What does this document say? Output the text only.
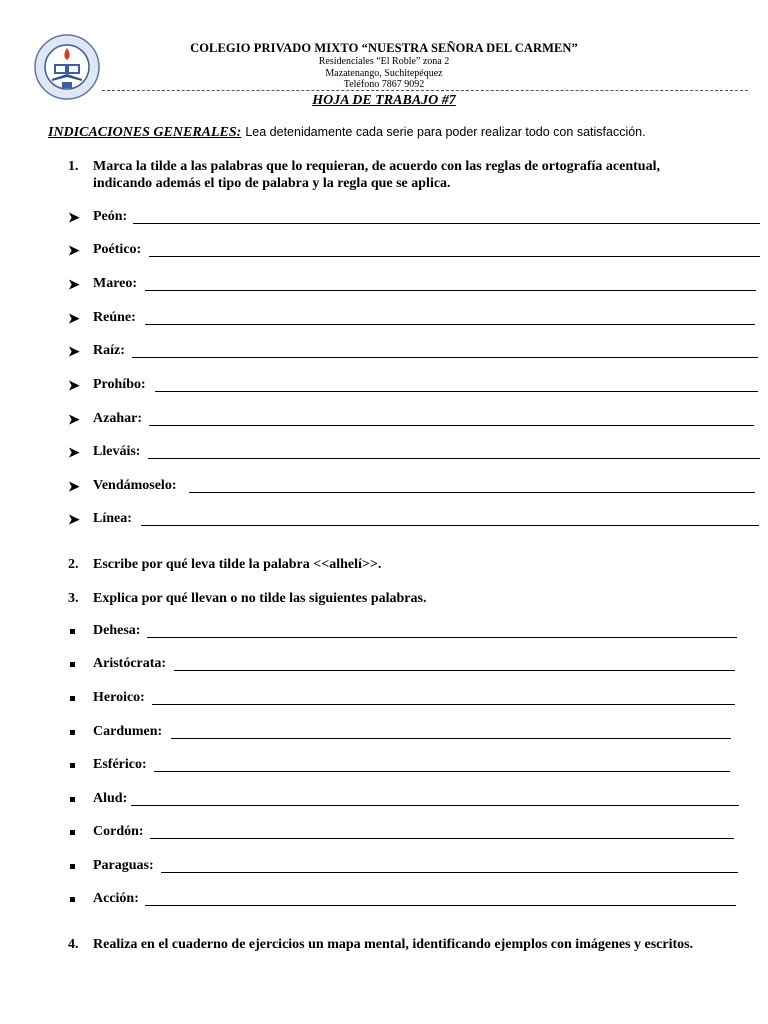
COLEGIO PRIVADO MIXTO “NUESTRA SEÑORA DEL CARMEN”
Residenciales “El Roble” zona 2
Mazatenango, Suchitepéquez
Teléfono 7867 9092
HOJA DE TRABAJO #7
INDICACIONES GENERALES: Lea detenidamente cada serie para poder realizar todo con satisfacción.
1. Marca la tilde a las palabras que lo requieran, de acuerdo con las reglas de ortografía acentual, indicando además el tipo de palabra y la regla que se aplica.
➤ Peón:
➤ Poético:
➤ Mareo:
➤ Reúne:
➤ Raíz:
➤ Prohíbo:
➤ Azahar:
➤ Lleváis:
➤ Vendámoselo:
➤ Línea:
2. Escribe por qué leva tilde la palabra <<alhelí>>.
3. Explica por qué llevan o no tilde las siguientes palabras.
Dehesa:
Aristócrata:
Heroico:
Cardumen:
Esférico:
Alud:
Cordón:
Paraguas:
Acción:
4. Realiza en el cuaderno de ejercicios un mapa mental, identificando ejemplos con imágenes y escritos.
